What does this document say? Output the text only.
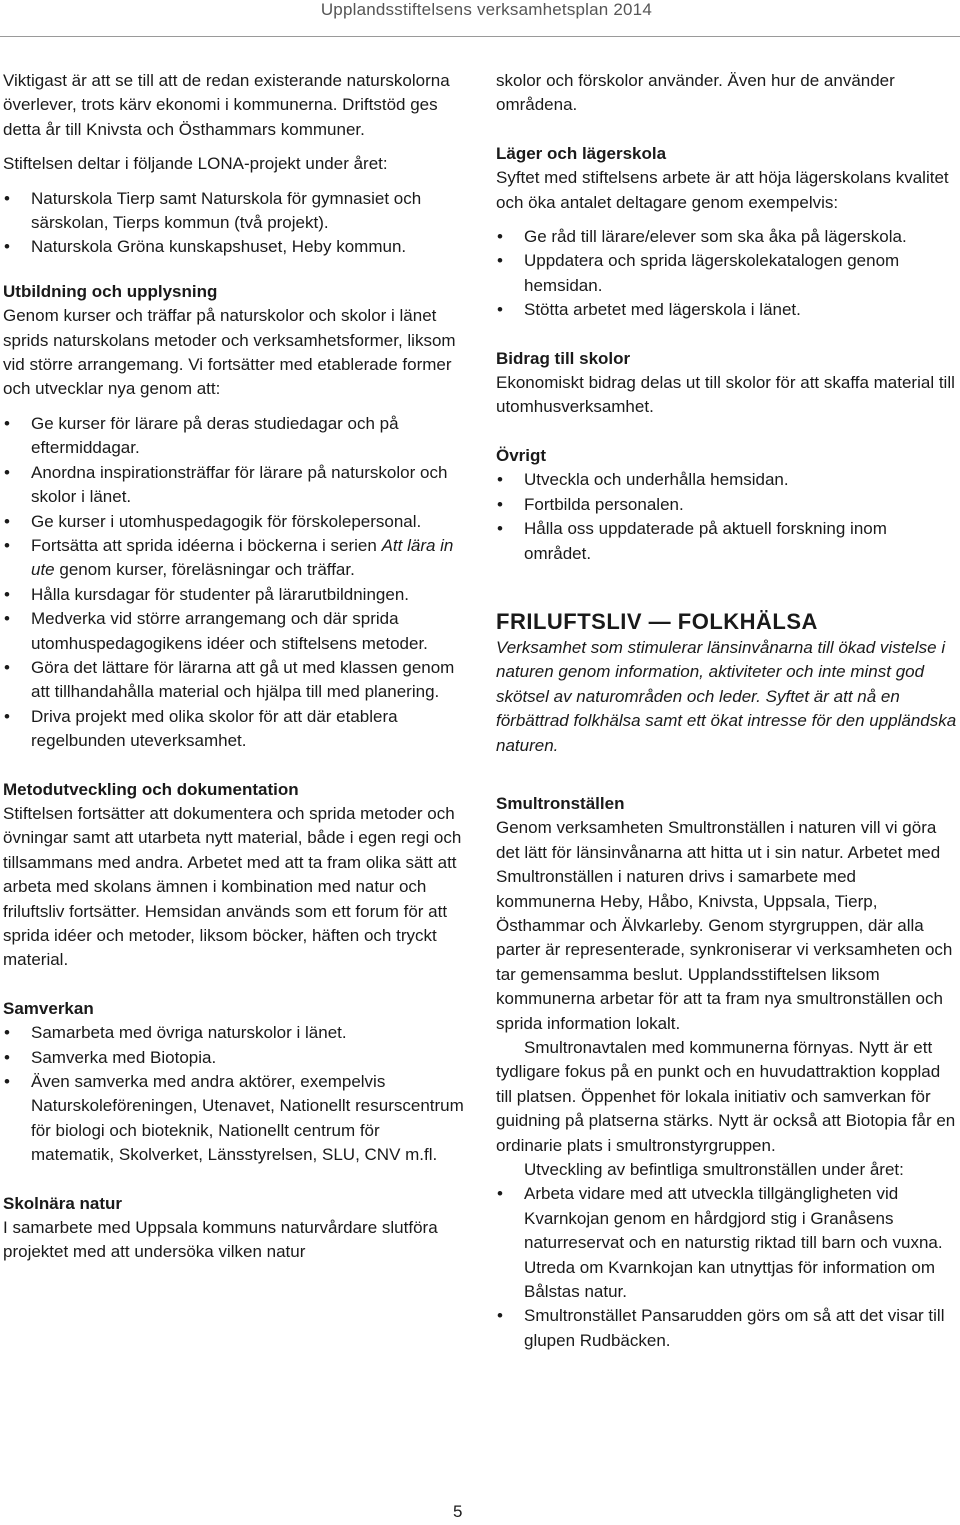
Upplandsstiftelsens verksamhetsplan 2014

Viktigast är att se till att de redan existerande naturskolorna överlever, trots kärv ekonomi i kommunerna. Driftstöd ges detta år till Knivsta och Östhammars kommuner.

Stiftelsen deltar i följande LONA-projekt under året:

• Naturskola Tierp samt Naturskola för gymnasiet och särskolan, Tierps kommun (två projekt).
• Naturskola Gröna kunskapshuset, Heby kommun.
Utbildning och upplysning

Genom kurser och träffar på naturskolor och skolor i länet sprids naturskolans metoder och verksamhetsformer, liksom vid större arrangemang. Vi fortsätter med etablerade former och utvecklar nya genom att:

• Ge kurser för lärare på deras studiedagar och på eftermiddagar.
• Anordna inspirationsträffar för lärare på naturskolor och skolor i länet.
• Ge kurser i utomhuspedagogik för förskolepersonal.
• Fortsätta att sprida idéerna i böckerna i serien Att lära in ute genom kurser, föreläsningar och träffar.
• Hålla kursdagar för studenter på lärarutbildningen.
• Medverka vid större arrangemang och där sprida utomhuspedagogikens idéer och stiftelsens metoder.
• Göra det lättare för lärarna att gå ut med klassen genom att tillhandahålla material och hjälpa till med planering.
• Driva projekt med olika skolor för att där etablera regelbunden uteverksamhet.
Metodutveckling och dokumentation

Stiftelsen fortsätter att dokumentera och sprida metoder och övningar samt att utarbeta nytt material, både i egen regi och tillsammans med andra. Arbetet med att ta fram olika sätt att arbeta med skolans ämnen i kombination med natur och friluftsliv fortsätter. Hemsidan används som ett forum för att sprida idéer och metoder, liksom böcker, häften och tryckt material.

Samverkan
• Samarbeta med övriga naturskolor i länet.
• Samverka med Biotopia.
• Även samverka med andra aktörer, exempelvis Naturskoleföreningen, Utenavet, Nationellt resurscentrum för biologi och bioteknik, Nationellt centrum för matematik, Skolverket, Länsstyrelsen, SLU, CNV m.fl.
Skolnära natur

I samarbete med Uppsala kommuns naturvårdare slutföra projektet med att undersöka vilken natur

skolor och förskolor använder. Även hur de använder områdena.

Läger och lägerskola

Syftet med stiftelsens arbete är att höja lägerskolans kvalitet och öka antalet deltagare genom exempelvis:

• Ge råd till lärare/elever som ska åka på lägerskola.
• Uppdatera och sprida lägerskolekatalogen genom hemsidan.
• Stötta arbetet med lägerskola i länet.
Bidrag till skolor

Ekonomiskt bidrag delas ut till skolor för att skaffa material till utomhusverksamhet.

Övrigt
• Utveckla och underhålla hemsidan.
• Fortbilda personalen.
• Hålla oss uppdaterade på aktuell forskning inom området.
FRILUFTSLIV — FOLKHÄLSA

Verksamhet som stimulerar länsinvånarna till ökad vistelse i naturen genom information, aktiviteter och inte minst god skötsel av naturområden och leder. Syftet är att nå en förbättrad folkhälsa samt ett ökat intresse för den uppländska naturen.

Smultronställen

Genom verksamheten Smultronställen i naturen vill vi göra det lätt för länsinvånarna att hitta ut i sin natur. Arbetet med Smultronställen i naturen drivs i samarbete med kommunerna Heby, Håbo, Knivsta, Uppsala, Tierp, Östhammar och Älvkarleby. Genom styrgruppen, där alla parter är representerade, synkroniserar vi verksamheten och tar gemensamma beslut. Upplandsstiftelsen liksom kommunerna arbetar för att ta fram nya smultronställen och sprida information lokalt.

Smultronavtalen med kommunerna förnyas. Nytt är ett tydligare fokus på en punkt och en huvudattraktion kopplad till platsen. Öppenhet för lokala initiativ och samverkan för guidning på platserna stärks. Nytt är också att Biotopia får en ordinarie plats i smultronstyrgruppen.

Utveckling av befintliga smultronställen under året:

• Arbeta vidare med att utveckla tillgängligheten vid Kvarnkojan genom en hårdgjord stig i Granåsens naturreservat och en naturstig riktad till barn och vuxna. Utreda om Kvarnkojan kan utnyttjas för information om Bålstas natur.
• Smultronstället Pansarudden görs om så att det visar till glupen Rudbäcken.
5
